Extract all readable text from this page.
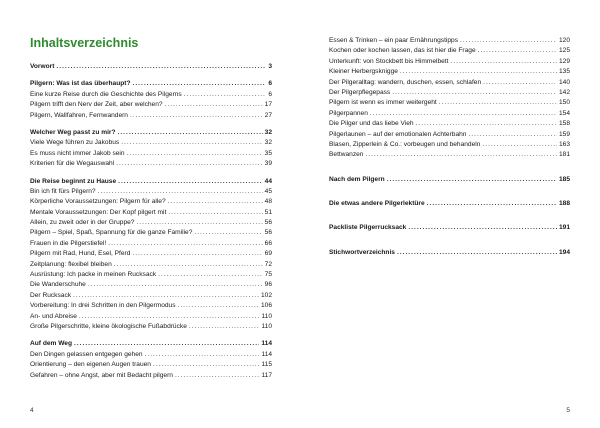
Inhaltsverzeichnis
Vorwort .....	3
Pilgern: Was ist das überhaupt? .....	6
Eine kurze Reise durch die Geschichte des Pilgerns .....	6
Pilgern trifft den Nerv der Zeit, aber welchen? .....	17
Pilgern, Wallfahren, Fernwandern .....	27
Welcher Weg passt zu mir? .....	32
Viele Wege führen zu Jakobus .....	32
Es muss nicht immer Jakob sein .....	35
Kriterien für die Wegauswahl .....	39
Die Reise beginnt zu Hause .....	44
Bin ich fit fürs Pilgern? .....	45
Körperliche Voraussetzungen: Pilgern für alle? .....	48
Mentale Voraussetzungen: Der Kopf pilgert mit .....	51
Allein, zu zweit oder in der Gruppe? .....	56
Pilgern – Spiel, Spaß, Spannung für die ganze Familie? .....	56
Frauen in die Pilgerstiefel! .....	66
Pilgern mit Rad, Hund, Esel, Pferd .....	69
Zeitplanung: flexibel bleiben .....	72
Ausrüstung: Ich packe in meinen Rucksack .....	75
Die Wanderschuhe .....	96
Der Rucksack .....	102
Vorbereitung: In drei Schritten in den Pilgermodus .....	106
An- und Abreise .....	110
Große Pilgerschritte, kleine ökologische Fußabdrücke .....	110
Auf dem Weg .....	114
Den Dingen gelassen entgegen gehen .....	114
Orientierung – den eigenen Augen trauen .....	115
Gefahren – ohne Angst, aber mit Bedacht pilgern .....	117
4
Essen & Trinken – ein paar Ernährungstipps .....	120
Kochen oder kochen lassen, das ist hier die Frage .....	125
Unterkunft: von Stockbett bis Himmelbett .....	129
Kleiner Herbergsknigge .....	135
Der Pilgeralltag: wandern, duschen, essen, schlafen .....	140
Der Pilgerpflegepass .....	142
Pilgern ist wenn es immer weitergeht .....	150
Pilgerpannen .....	154
Die Pilger und das liebe Vieh .....	158
Pilgerlaunen – auf der emotionalen Achterbahn .....	159
Blasen, Zipperlein & Co.: vorbeugen und behandeln .....	163
Bettwanzen .....	181
Nach dem Pilgern .....	185
Die etwas andere Pilgerlektüre .....	188
Packliste Pilgerrucksack .....	191
Stichwortverzeichnis .....	194
5
